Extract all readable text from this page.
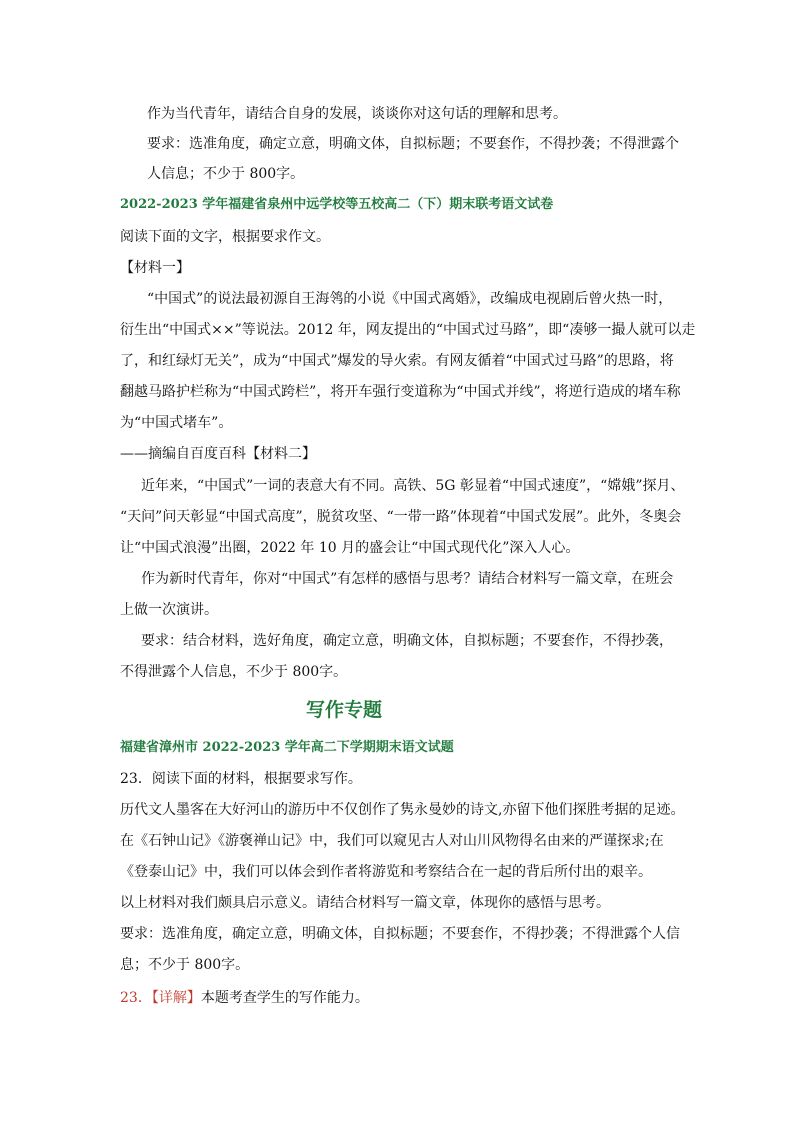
作为当代青年，请结合自身的发展，谈谈你对这句话的理解和思考。
要求：选准角度，确定立意，明确文体，自拟标题；不要套作，不得抄袭；不得泄露个
人信息；不少于 800字。
2022-2023 学年福建省泉州中远学校等五校高二（下）期末联考语文试卷
阅读下面的文字，根据要求作文。
【材料一】
“中国式”的说法最初源自王海鸰的小说《中国式离婚》，改编成电视剧后曾火热一时，
衍生出“中国式××”等说法。2012 年，网友提出的“中国式过马路”，即“凑够一撮人就可以走
了，和红绿灯无关”，成为“中国式”爆发的导火索。有网友循着“中国式过马路”的思路，将
翻越马路护栏称为“中国式跨栏”，将开车强行变道称为“中国式并线”，将逆行造成的堵车称
为“中国式堵车”。
——摘编自百度百科【材料二】
近年来，“中国式”一词的表意大有不同。高铁、5G 彰显着“中国式速度”，“嫦娥”探月、
“天问”问天彰显“中国式高度”，脱贫攻坚、“一带一路”体现着“中国式发展”。此外，冬奥会
让“中国式浪漫”出圈，2022 年 10 月的盛会让“中国式现代化”深入人心。
作为新时代青年，你对“中国式”有怎样的感悟与思考？请结合材料写一篇文章，在班会
上做一次演讲。
要求：结合材料，选好角度，确定立意，明确文体，自拟标题；不要套作，不得抄袭，
不得泄露个人信息，不少于 800字。
写作专题
福建省漳州市 2022-2023 学年高二下学期期末语文试题
23．阅读下面的材料，根据要求写作。
历代文人墨客在大好河山的游历中不仅创作了隽永曼妙的诗文,亦留下他们探胜考据的足迹。
在《石钟山记》《游褒禅山记》中，我们可以窥见古人对山川风物得名由来的严谨探求;在
《登泰山记》中，我们可以体会到作者将游览和考察结合在一起的背后所付出的艰辛。
以上材料对我们颇具启示意义。请结合材料写一篇文章，体现你的感悟与思考。
要求：选准角度，确定立意，明确文体，自拟标题；不要套作，不得抄袭；不得泄露个人信
息；不少于 800字。
23．【详解】本题考查学生的写作能力。
